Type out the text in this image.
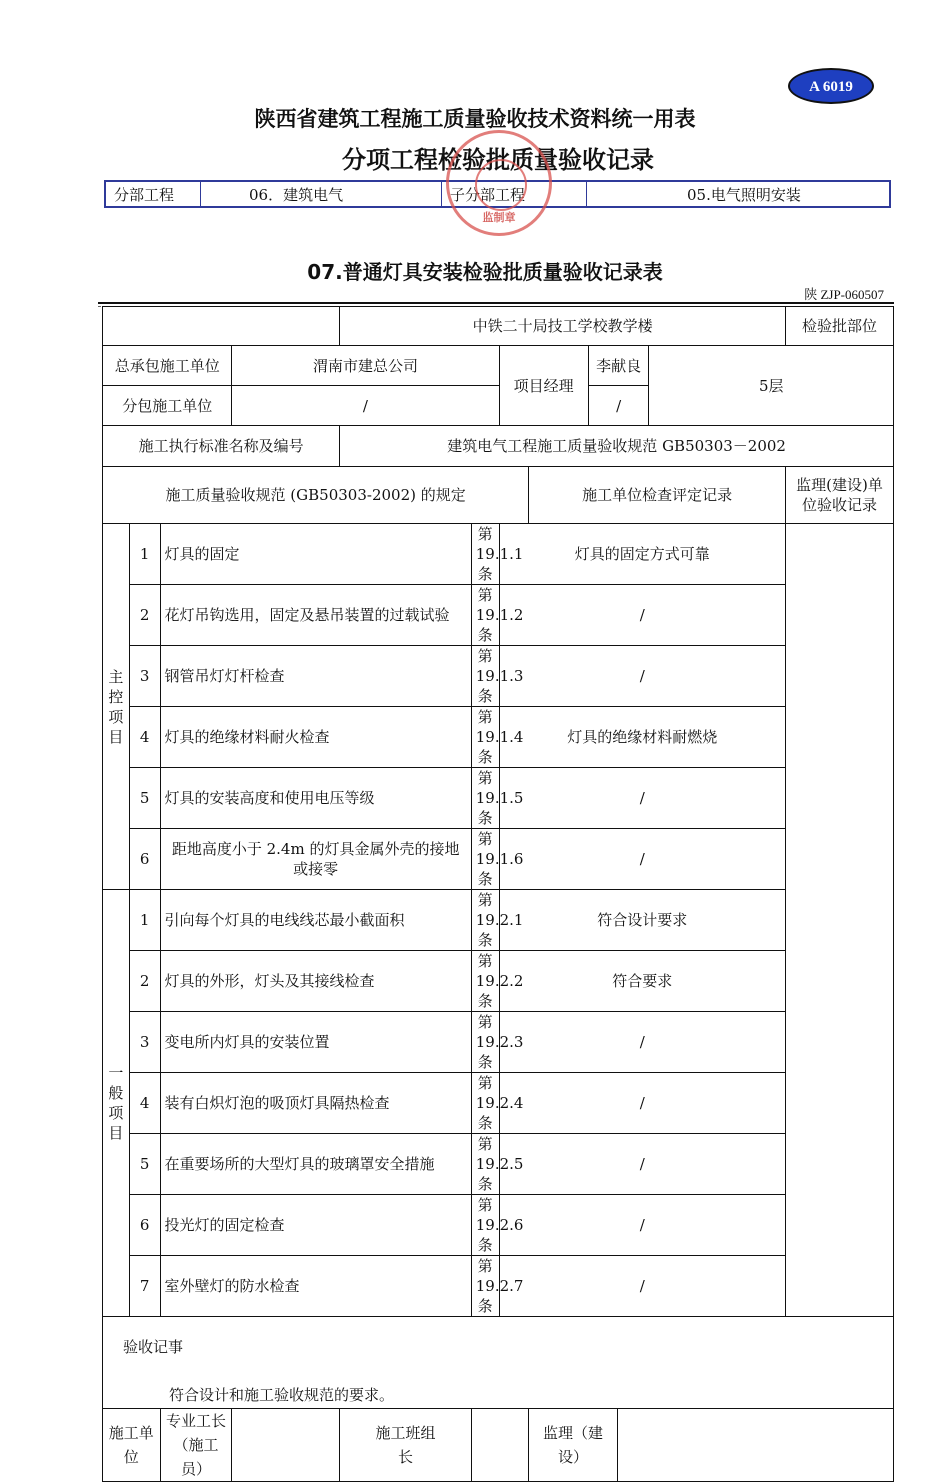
A 6019
陕西省建筑工程施工质量验收技术资料统一用表
分项工程检验批质量验收记录
分部工程	06．建筑电气	子分部工程	05.电气照明安装
监制章
07.普通灯具安装检验批质量验收记录表
陕 ZJP-060507
				中铁二十局技工学校教学楼							检验批部位
总承包施工单位			渭南市建总公司			项目经理		李献良		5层	
分包施工单位			/					/			
施工执行标准名称及编号				建筑电气工程施工质量验收规范 GB50303－2002							
施工质量验收规范 (GB50303-2002) 的规定							施工单位检查评定记录				监理(建设)单位验收记录
主
控
项
目	1	灯具的固定			第 19.1.1 条	灯具的固定方式可靠					
	2	花灯吊钩选用，固定及悬吊装置的过载试验			第 19.1.2 条	/					
	3	钢管吊灯灯杆检查			第 19.1.3 条	/					
	4	灯具的绝缘材料耐火检查			第 19.1.4 条	灯具的绝缘材料耐燃烧					
	5	灯具的安装高度和使用电压等级			第 19.1.5 条	/					
	6	距地高度小于 2.4m 的灯具金属外壳的接地或接零			第 19.1.6 条	/					
一
般
项
目	1	引向每个灯具的电线线芯最小截面积			第 19.2.1 条	符合设计要求					
	2	灯具的外形，灯头及其接线检查			第 19.2.2 条	符合要求					
	3	变电所内灯具的安装位置			第 19.2.3 条	/					
	4	装有白炽灯泡的吸顶灯具隔热检查			第 19.2.4 条	/					
	5	在重要场所的大型灯具的玻璃罩安全措施			第 19.2.5 条	/					
	6	投光灯的固定检查			第 19.2.6 条	/					
	7	室外壁灯的防水检查			第 19.2.7 条	/					

验收记事
符合设计和施工验收规范的要求。											

施工单位		专业工长（施工员）		施工班组 长			监理（建设）				
